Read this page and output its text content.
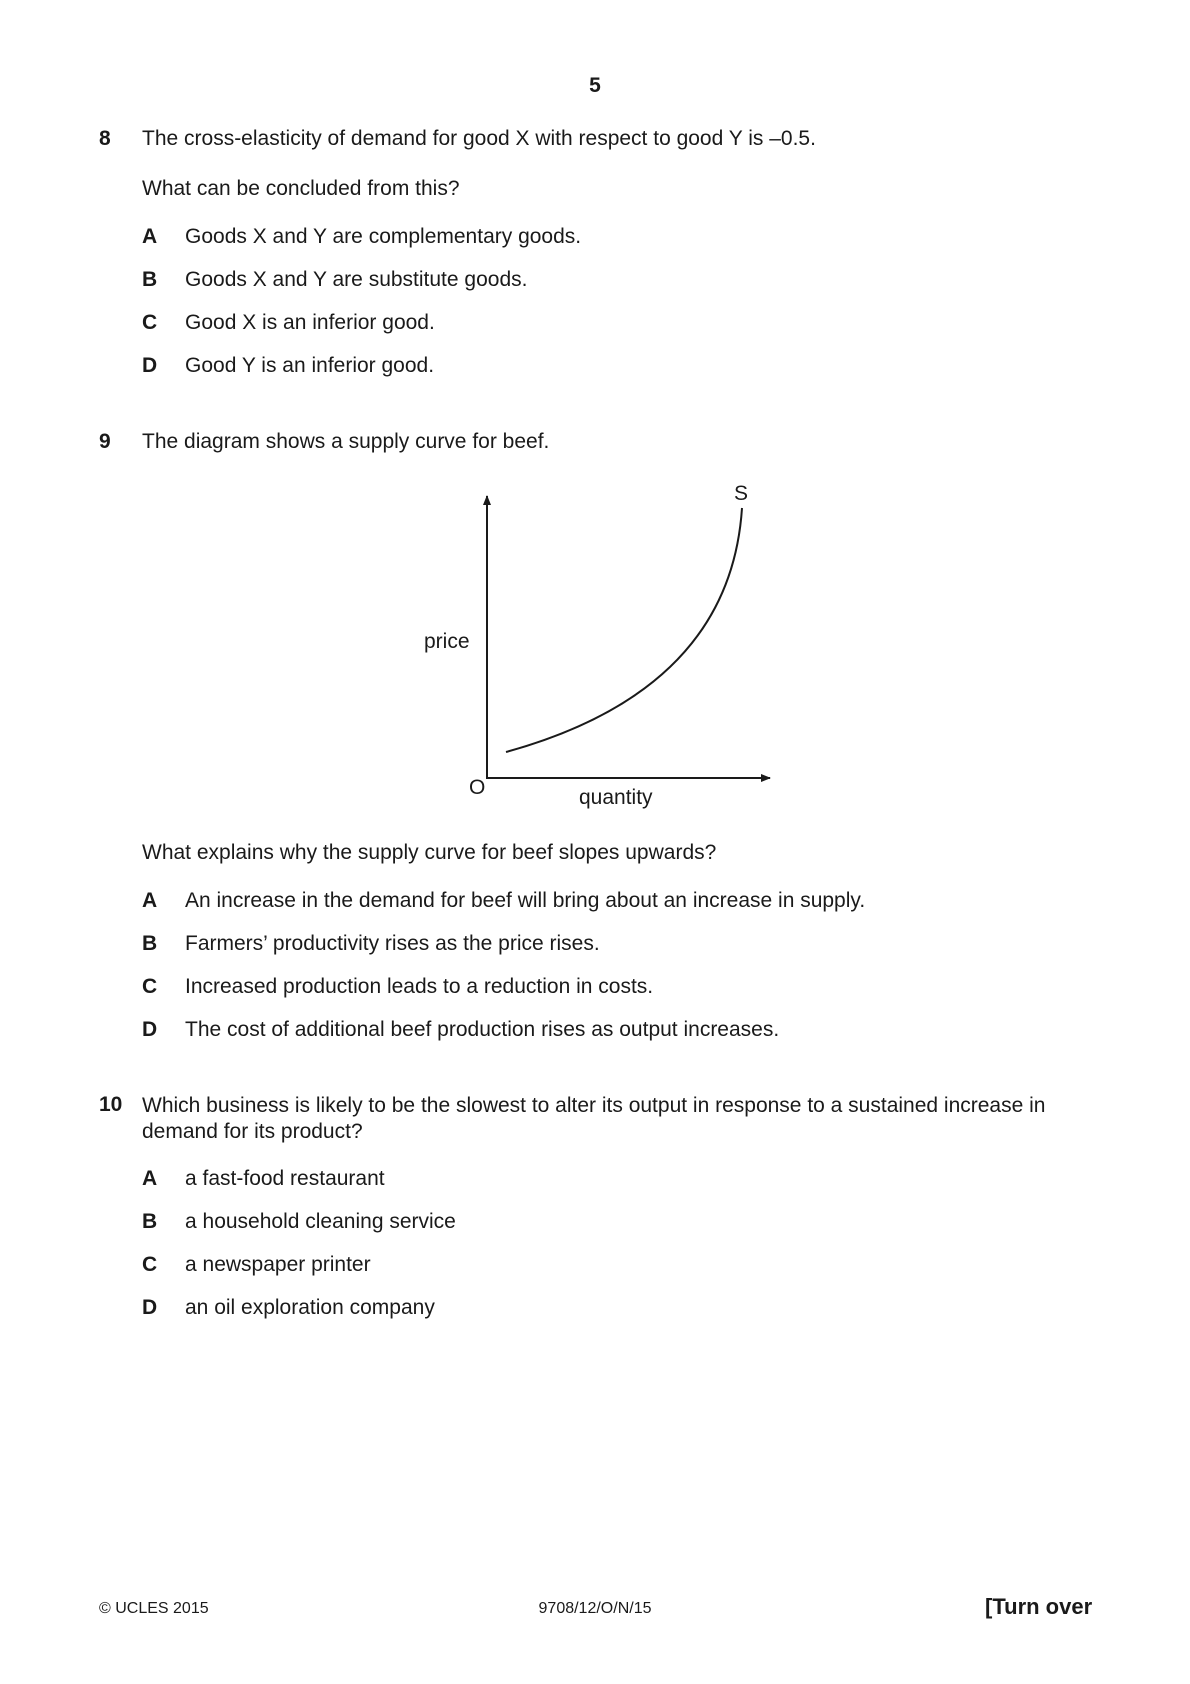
5
8 The cross-elasticity of demand for good X with respect to good Y is –0.5.
What can be concluded from this?
A Goods X and Y are complementary goods.
B Goods X and Y are substitute goods.
C Good X is an inferior good.
D Good Y is an inferior good.
9 The diagram shows a supply curve for beef.
S
price
O	quantity
What explains why the supply curve for beef slopes upwards?
A An increase in the demand for beef will bring about an increase in supply.
B Farmers’ productivity rises as the price rises.
C Increased production leads to a reduction in costs.
D The cost of additional beef production rises as output increases.
10 Which business is likely to be the slowest to alter its output in response to a sustained increase in demand for its product?
A a fast-food restaurant
B a household cleaning service
C a newspaper printer
D an oil exploration company
© UCLES 2015	9708/12/O/N/15	[Turn over
